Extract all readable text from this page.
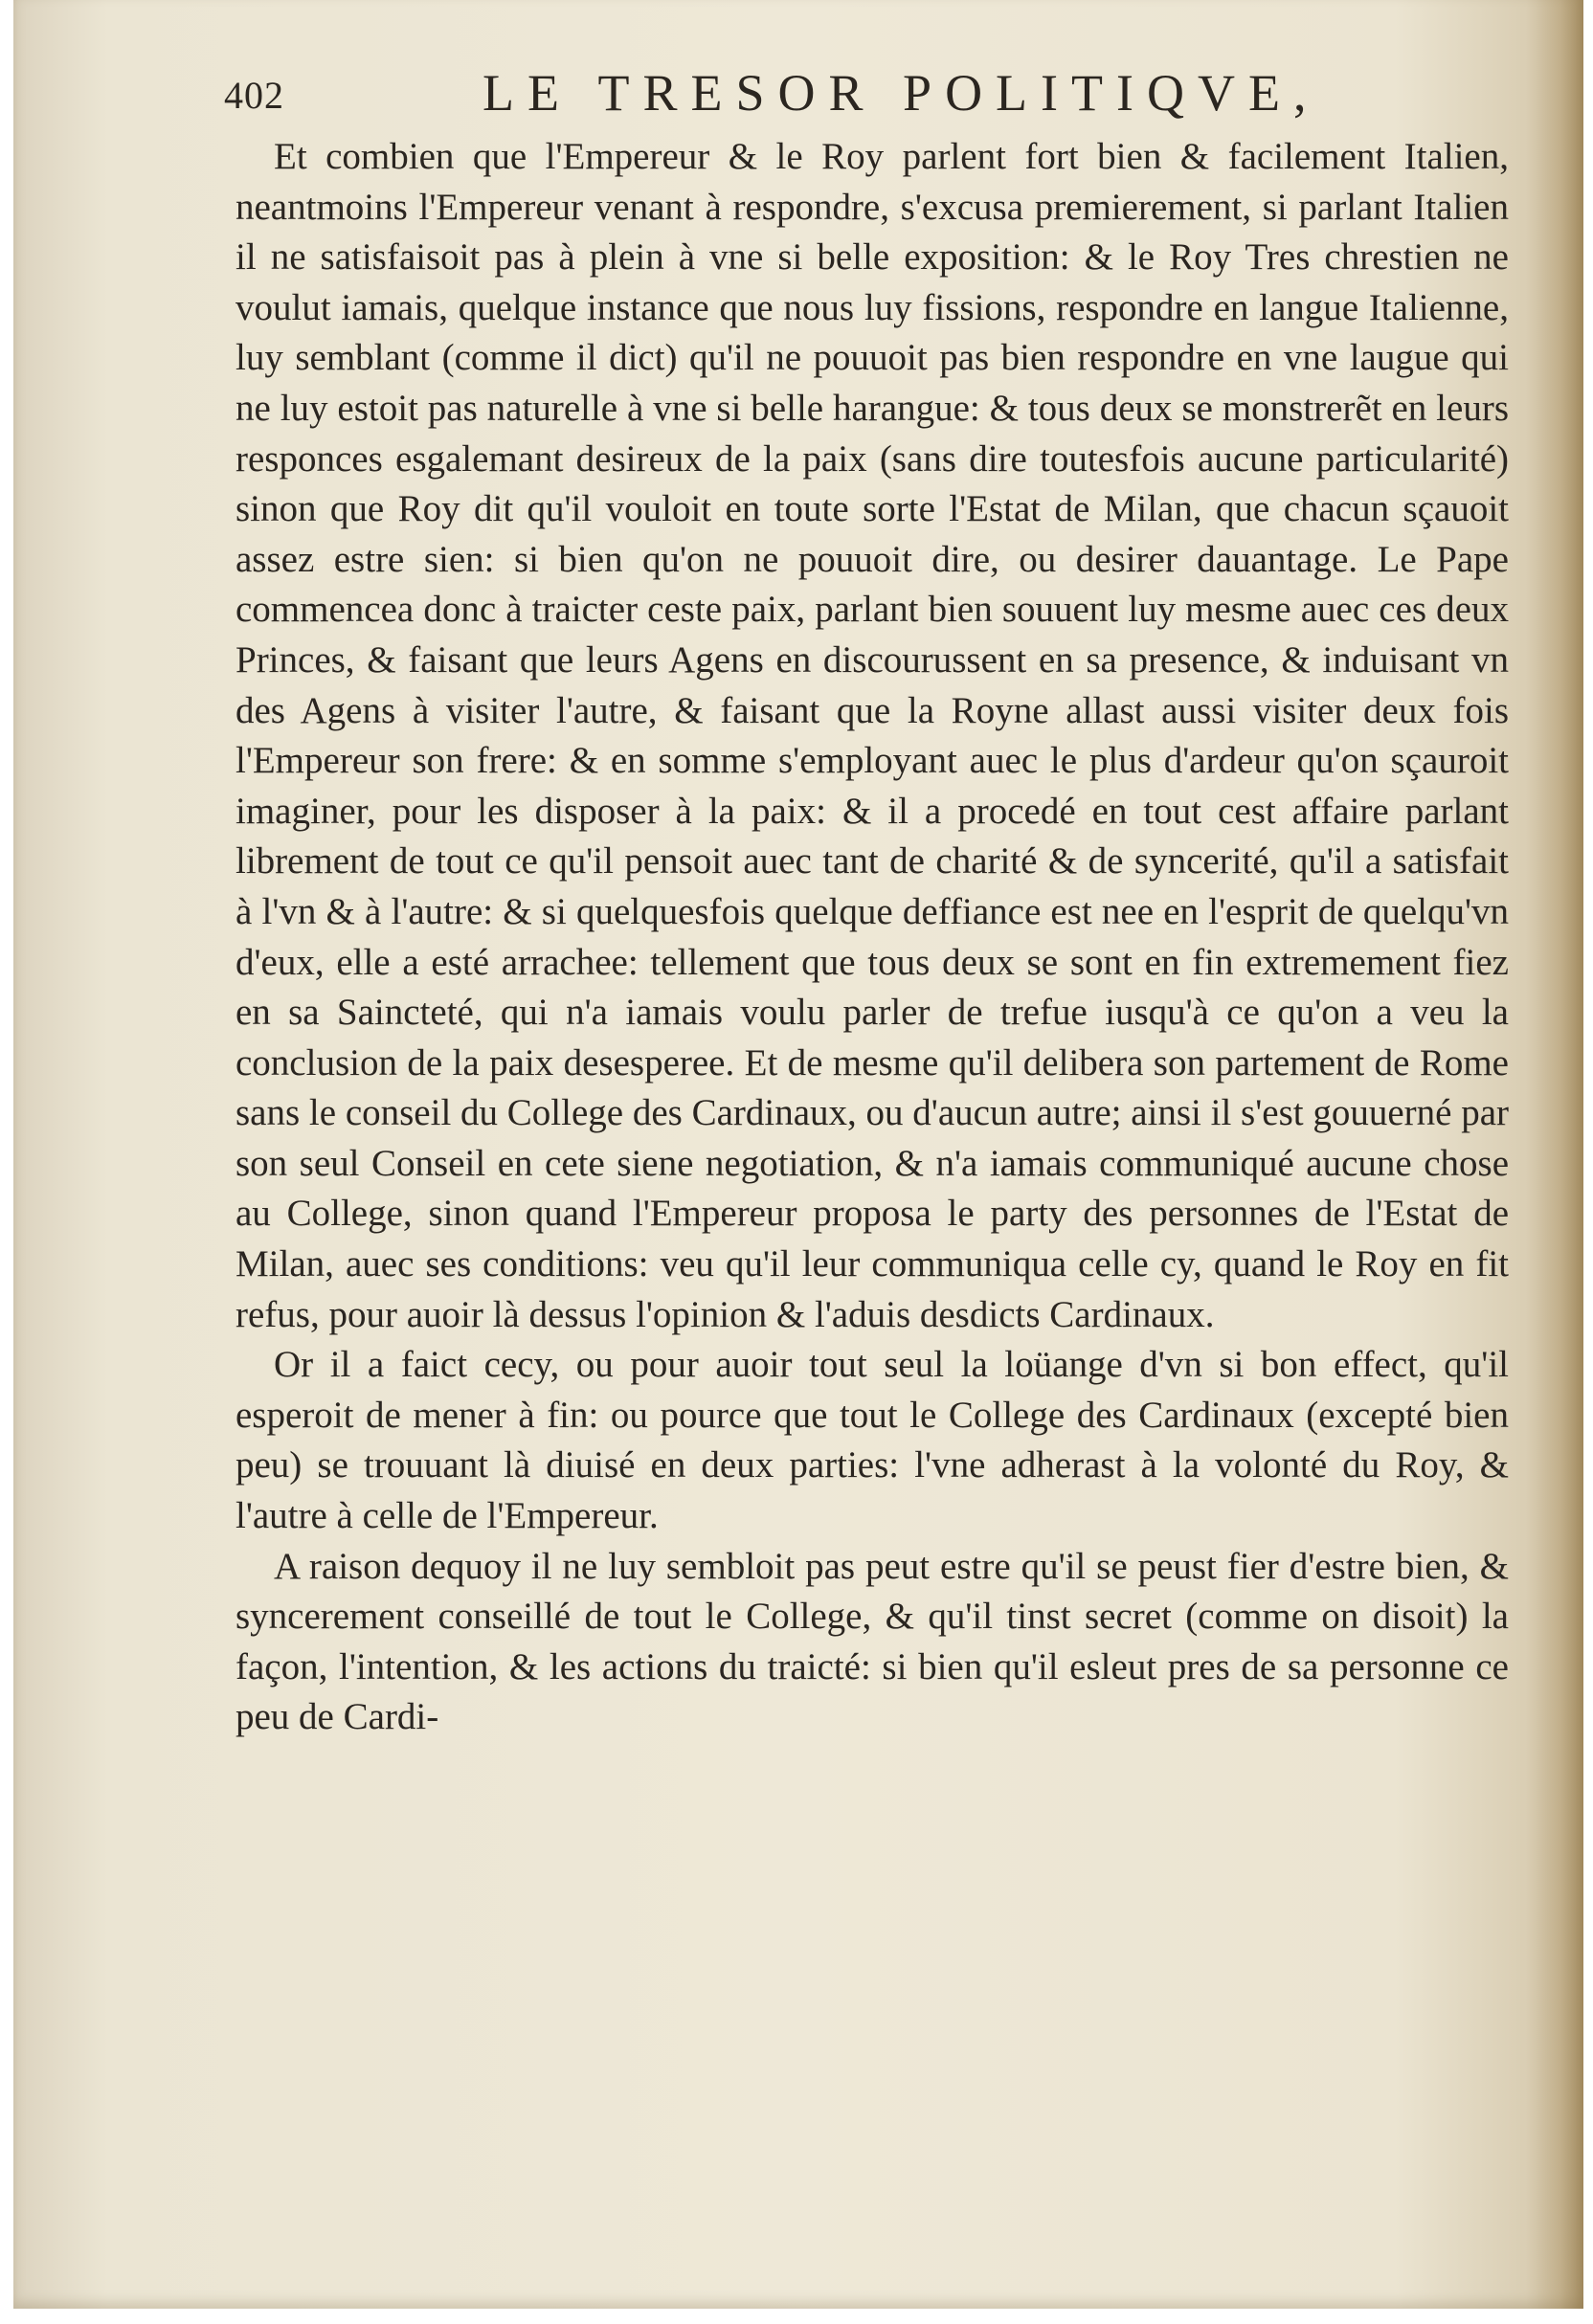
402	LE TRESOR POLITIQVE,

Et combien que l'Empereur & le Roy parlent fort bien & facilement Italien, neantmoins l'Empereur venant à respondre, s'excusa premierement, si parlant Italien il ne satisfaisoit pas à plein à vne si belle exposition: & le Roy Tres chrestien ne voulut iamais, quelque instance que nous luy fissions, respondre en langue Italienne, luy semblant (comme il dict) qu'il ne pouuoit pas bien respondre en vne laugue qui ne luy estoit pas naturelle à vne si belle harangue: & tous deux se monstrerẽt en leurs responces esgalemant desireux de la paix (sans dire toutesfois aucune particularité) sinon que Roy dit qu'il vouloit en toute sorte l'Estat de Milan, que chacun sçauoit assez estre sien: si bien qu'on ne pouuoit dire, ou desirer dauantage. Le Pape commencea donc à traicter ceste paix, parlant bien souuent luy mesme auec ces deux Princes, & faisant que leurs Agens en discourussent en sa presence, & induisant vn des Agens à visiter l'autre, & faisant que la Royne allast aussi visiter deux fois l'Empereur son frere: & en somme s'employant auec le plus d'ardeur qu'on sçauroit imaginer, pour les disposer à la paix: & il a procedé en tout cest affaire parlant librement de tout ce qu'il pensoit auec tant de charité & de syncerité, qu'il a satisfait à l'vn & à l'autre: & si quelquesfois quelque deffiance est nee en l'esprit de quelqu'vn d'eux, elle a esté arrachee: tellement que tous deux se sont en fin extremement fiez en sa Saincteté, qui n'a iamais voulu parler de trefue iusqu'à ce qu'on a veu la conclusion de la paix desesperee. Et de mesme qu'il delibera son partement de Rome sans le conseil du College des Cardinaux, ou d'aucun autre; ainsi il s'est gouuerné par son seul Conseil en cete siene negotiation, & n'a iamais communiqué aucune chose au College, sinon quand l'Empereur proposa le party des personnes de l'Estat de Milan, auec ses conditions: veu qu'il leur communiqua celle cy, quand le Roy en fit refus, pour auoir là dessus l'opinion & l'aduis desdicts Cardinaux.

Or il a faict cecy, ou pour auoir tout seul la loüange d'vn si bon effect, qu'il esperoit de mener à fin: ou pource que tout le College des Cardinaux (excepté bien peu) se trouuant là diuisé en deux parties: l'vne adherast à la volonté du Roy, & l'autre à celle de l'Empereur.

A raison dequoy il ne luy sembloit pas peut estre qu'il se peust fier d'estre bien, & syncerement conseillé de tout le College, & qu'il tinst secret (comme on disoit) la façon, l'intention, & les actions du traicté: si bien qu'il esleut pres de sa personne ce peu de Cardi-
